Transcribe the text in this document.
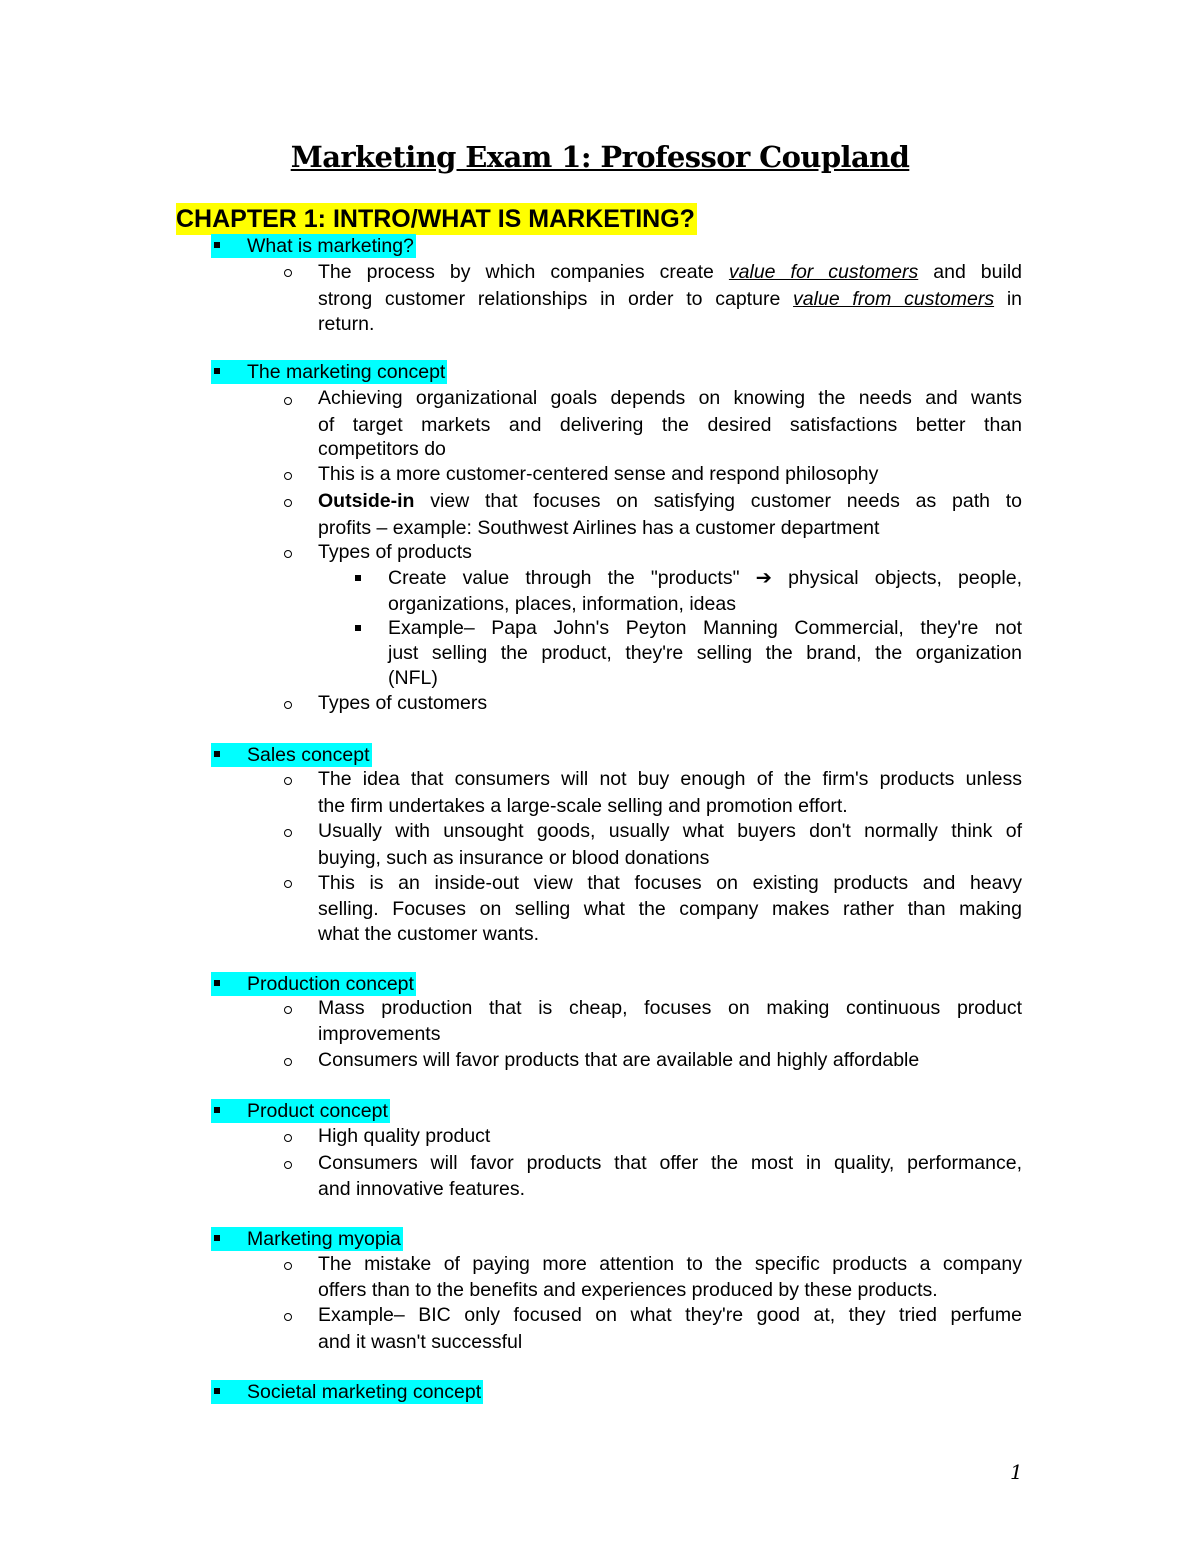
Marketing Exam 1: Professor Coupland
CHAPTER 1: INTRO/WHAT IS MARKETING?
What is marketing?
The process by which companies create value for customers and build
strong customer relationships in order to capture value from customers in
return.
The marketing concept
Achieving organizational goals depends on knowing the needs and wants
of target markets and delivering the desired satisfactions better than
competitors do
This is a more customer-centered sense and respond philosophy
Outside-in view that focuses on satisfying customer needs as path to
profits – example: Southwest Airlines has a customer department
Types of products
Create value through the "products" ➔ physical objects, people,
organizations, places, information, ideas
Example– Papa John's Peyton Manning Commercial, they're not
just selling the product, they're selling the brand, the organization
(NFL)
Types of customers
Sales concept
The idea that consumers will not buy enough of the firm's products unless
the firm undertakes a large-scale selling and promotion effort.
Usually with unsought goods, usually what buyers don't normally think of
buying, such as insurance or blood donations
This is an inside-out view that focuses on existing products and heavy
selling. Focuses on selling what the company makes rather than making
what the customer wants.
Production concept
Mass production that is cheap, focuses on making continuous product
improvements
Consumers will favor products that are available and highly affordable
Product concept
High quality product
Consumers will favor products that offer the most in quality, performance,
and innovative features.
Marketing myopia
The mistake of paying more attention to the specific products a company
offers than to the benefits and experiences produced by these products.
Example– BIC only focused on what they're good at, they tried perfume
and it wasn't successful
Societal marketing concept
1
